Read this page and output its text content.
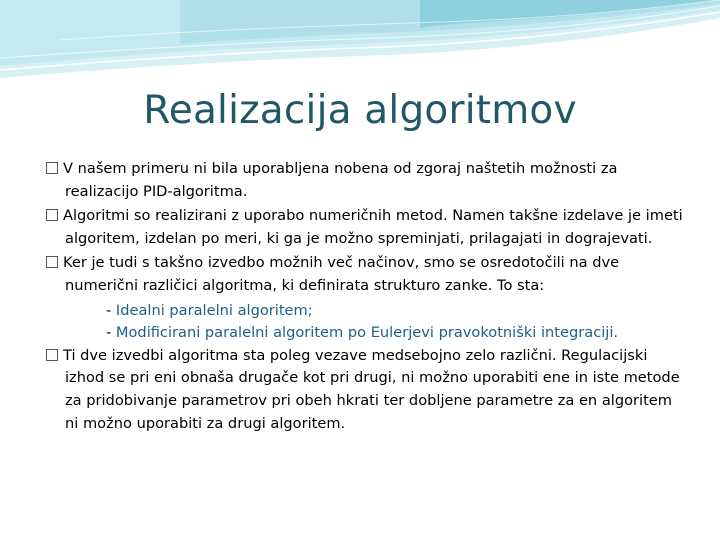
Realizacija algoritmov

V našem primeru ni bila uporabljena nobena od zgoraj naštetih možnosti za realizacijo PID-algoritma.

Algoritmi so realizirani z uporabo numeričnih metod. Namen takšne izdelave je imeti algoritem, izdelan po meri, ki ga je možno spreminjati, prilagajati in dograjevati.

Ker je tudi s takšno izvedbo možnih več načinov, smo se osredotočili na dve numerični različici algoritma, ki definirata strukturo zanke. To sta:

- Idealni paralelni algoritem;

- Modificirani paralelni algoritem po Eulerjevi pravokotniški integraciji.

Ti dve izvedbi algoritma sta poleg vezave medsebojno zelo različni. Regulacijski izhod se pri eni obnaša drugače kot pri drugi, ni možno uporabiti ene in iste metode za pridobivanje parametrov pri obeh hkrati ter dobljene parametre za en algoritem ni možno uporabiti za drugi algoritem.
